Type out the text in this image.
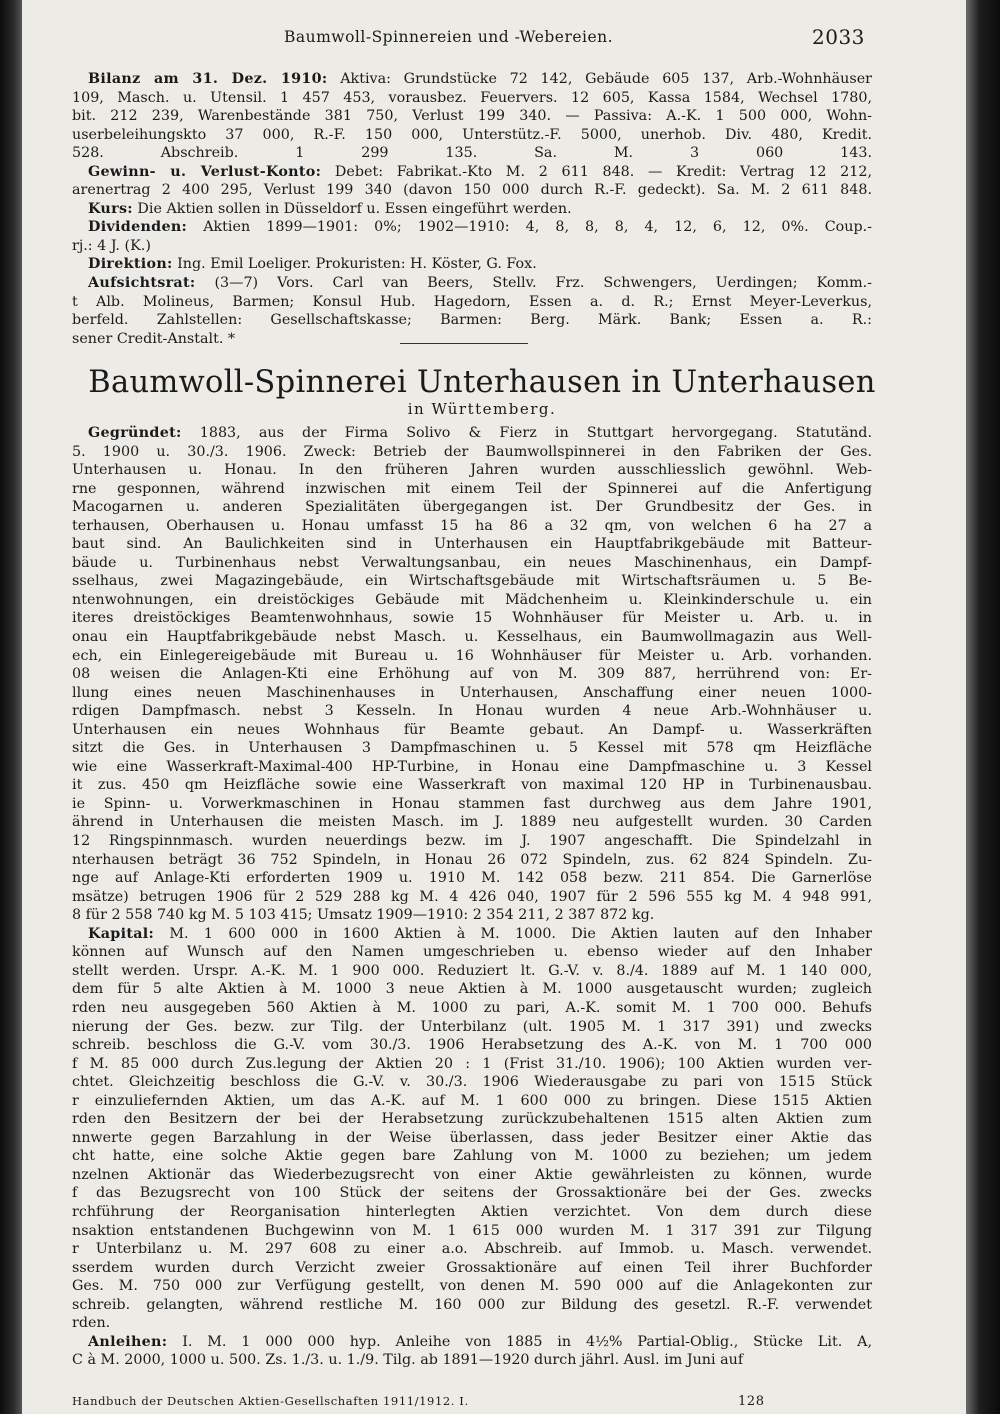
Baumwoll-Spinnereien und -Webereien.	2033
Bilanz am 31. Dez. 1910: Aktiva: Grundstücke 72 142, Gebäude 605 137, Arb.-Wohnhäuser
109, Masch. u. Utensil. 1 457 453, vorausbez. Feuervers. 12 605, Kassa 1584, Wechsel 1780,
bit. 212 239, Warenbestände 381 750, Verlust 199 340. — Passiva: A.-K. 1 500 000, Wohn-
userbeleihungskto 37 000, R.-F. 150 000, Unterstütz.-F. 5000, unerhob. Div. 480, Kredit.
528. Abschreib. 1 299 135. Sa. M. 3 060 143.
Gewinn- u. Verlust-Konto: Debet: Fabrikat.-Kto M. 2 611 848. — Kredit: Vertrag 12 212,
arenertrag 2 400 295, Verlust 199 340 (davon 150 000 durch R.-F. gedeckt). Sa. M. 2 611 848.
Kurs: Die Aktien sollen in Düsseldorf u. Essen eingeführt werden.
Dividenden: Aktien 1899—1901: 0%; 1902—1910: 4, 8, 8, 8, 4, 12, 6, 12, 0%. Coup.-
rj.: 4 J. (K.)
Direktion: Ing. Emil Loeliger. Prokuristen: H. Köster, G. Fox.
Aufsichtsrat: (3—7) Vors. Carl van Beers, Stellv. Frz. Schwengers, Uerdingen; Komm.-
t Alb. Molineus, Barmen; Konsul Hub. Hagedorn, Essen a. d. R.; Ernst Meyer-Leverkus,
berfeld. Zahlstellen: Gesellschaftskasse; Barmen: Berg. Märk. Bank; Essen a. R.:
sener Credit-Anstalt. *
Baumwoll-Spinnerei Unterhausen in Unterhausen
in Württemberg.
Gegründet: 1883, aus der Firma Solivo & Fierz in Stuttgart hervorgegang. Statutänd.
5. 1900 u. 30./3. 1906. Zweck: Betrieb der Baumwollspinnerei in den Fabriken der Ges.
Unterhausen u. Honau. In den früheren Jahren wurden ausschliesslich gewöhnl. Web-
rne gesponnen, während inzwischen mit einem Teil der Spinnerei auf die Anfertigung
Macogarnen u. anderen Spezialitäten übergegangen ist. Der Grundbesitz der Ges. in
terhausen, Oberhausen u. Honau umfasst 15 ha 86 a 32 qm, von welchen 6 ha 27 a
baut sind. An Baulichkeiten sind in Unterhausen ein Hauptfabrikgebäude mit Batteur-
bäude u. Turbinenhaus nebst Verwaltungsanbau, ein neues Maschinenhaus, ein Dampf-
sselhaus, zwei Magazingebäude, ein Wirtschaftsgebäude mit Wirtschaftsräumen u. 5 Be-
ntenwohnungen, ein dreistöckiges Gebäude mit Mädchenheim u. Kleinkinderschule u. ein
iteres dreistöckiges Beamtenwohnhaus, sowie 15 Wohnhäuser für Meister u. Arb. u. in
onau ein Hauptfabrikgebäude nebst Masch. u. Kesselhaus, ein Baumwollmagazin aus Well-
ech, ein Einlegereigebäude mit Bureau u. 16 Wohnhäuser für Meister u. Arb. vorhanden.
08 weisen die Anlagen-Kti eine Erhöhung auf von M. 309 887, herrührend von: Er-
llung eines neuen Maschinenhauses in Unterhausen, Anschaffung einer neuen 1000-
rdigen Dampfmasch. nebst 3 Kesseln. In Honau wurden 4 neue Arb.-Wohnhäuser u.
Unterhausen ein neues Wohnhaus für Beamte gebaut. An Dampf- u. Wasserkräften
sitzt die Ges. in Unterhausen 3 Dampfmaschinen u. 5 Kessel mit 578 qm Heizfläche
wie eine Wasserkraft-Maximal-400 HP-Turbine, in Honau eine Dampfmaschine u. 3 Kessel
it zus. 450 qm Heizfläche sowie eine Wasserkraft von maximal 120 HP in Turbinenausbau.
ie Spinn- u. Vorwerkmaschinen in Honau stammen fast durchweg aus dem Jahre 1901,
ährend in Unterhausen die meisten Masch. im J. 1889 neu aufgestellt wurden. 30 Carden
12 Ringspinnmasch. wurden neuerdings bezw. im J. 1907 angeschafft. Die Spindelzahl in
nterhausen beträgt 36 752 Spindeln, in Honau 26 072 Spindeln, zus. 62 824 Spindeln. Zu-
nge auf Anlage-Kti erforderten 1909 u. 1910 M. 142 058 bezw. 211 854. Die Garnerlöse
msätze) betrugen 1906 für 2 529 288 kg M. 4 426 040, 1907 für 2 596 555 kg M. 4 948 991,
8 für 2 558 740 kg M. 5 103 415; Umsatz 1909—1910: 2 354 211, 2 387 872 kg.
Kapital: M. 1 600 000 in 1600 Aktien à M. 1000. Die Aktien lauten auf den Inhaber
können auf Wunsch auf den Namen umgeschrieben u. ebenso wieder auf den Inhaber
stellt werden. Urspr. A.-K. M. 1 900 000. Reduziert lt. G.-V. v. 8./4. 1889 auf M. 1 140 000,
dem für 5 alte Aktien à M. 1000 3 neue Aktien à M. 1000 ausgetauscht wurden; zugleich
rden neu ausgegeben 560 Aktien à M. 1000 zu pari, A.-K. somit M. 1 700 000. Behufs
nierung der Ges. bezw. zur Tilg. der Unterbilanz (ult. 1905 M. 1 317 391) und zwecks
schreib. beschloss die G.-V. vom 30./3. 1906 Herabsetzung des A.-K. von M. 1 700 000
f M. 85 000 durch Zus.legung der Aktien 20 : 1 (Frist 31./10. 1906); 100 Aktien wurden ver-
chtet. Gleichzeitig beschloss die G.-V. v. 30./3. 1906 Wiederausgabe zu pari von 1515 Stück
r einzuliefernden Aktien, um das A.-K. auf M. 1 600 000 zu bringen. Diese 1515 Aktien
rden den Besitzern der bei der Herabsetzung zurückzubehaltenen 1515 alten Aktien zum
nnwerte gegen Barzahlung in der Weise überlassen, dass jeder Besitzer einer Aktie das
cht hatte, eine solche Aktie gegen bare Zahlung von M. 1000 zu beziehen; um jedem
nzelnen Aktionär das Wiederbezugsrecht von einer Aktie gewährleisten zu können, wurde
f das Bezugsrecht von 100 Stück der seitens der Grossaktionäre bei der Ges. zwecks
rchführung der Reorganisation hinterlegten Aktien verzichtet. Von dem durch diese
nsaktion entstandenen Buchgewinn von M. 1 615 000 wurden M. 1 317 391 zur Tilgung
r Unterbilanz u. M. 297 608 zu einer a.o. Abschreib. auf Immob. u. Masch. verwendet.
sserdem wurden durch Verzicht zweier Grossaktionäre auf einen Teil ihrer Buchforder
Ges. M. 750 000 zur Verfügung gestellt, von denen M. 590 000 auf die Anlagekonten zur
schreib. gelangten, während restliche M. 160 000 zur Bildung des gesetzl. R.-F. verwendet
rden.
Anleihen: I. M. 1 000 000 hyp. Anleihe von 1885 in 4½% Partial-Oblig., Stücke Lit. A,
C à M. 2000, 1000 u. 500. Zs. 1./3. u. 1./9. Tilg. ab 1891—1920 durch jährl. Ausl. im Juni auf
Handbuch der Deutschen Aktien-Gesellschaften 1911/1912. I.	128
